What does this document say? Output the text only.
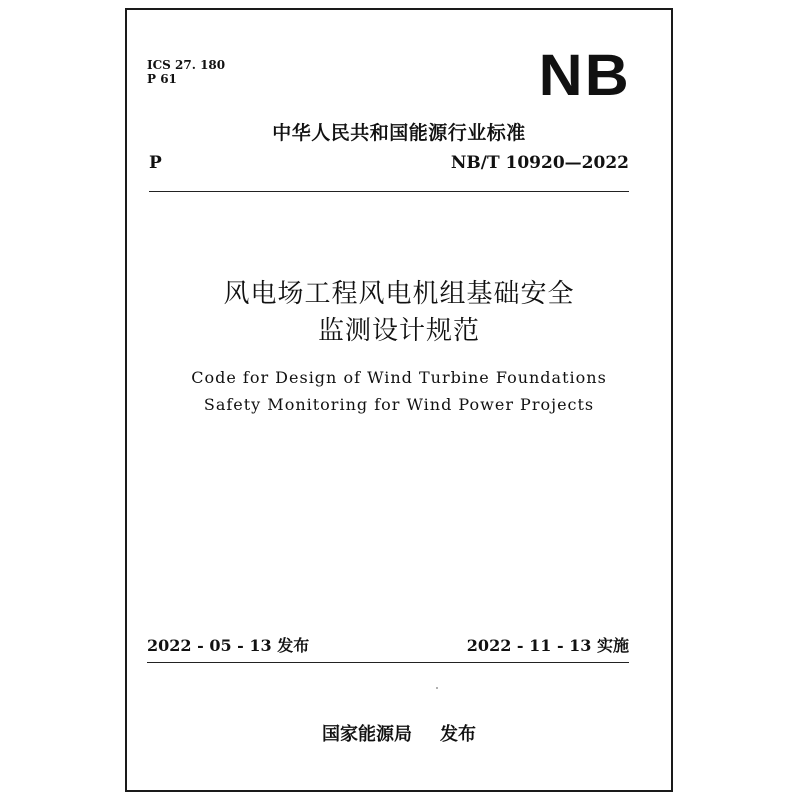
ICS 27. 180
P 61	NB
中华人民共和国能源行业标准
P	NB/T 10920—2022
风电场工程风电机组基础安全
监测设计规范
Code for Design of Wind Turbine Foundations
Safety Monitoring for Wind Power Projects
2022 - 05 - 13 发布	2022 - 11 - 13 实施
国家能源局 发布
